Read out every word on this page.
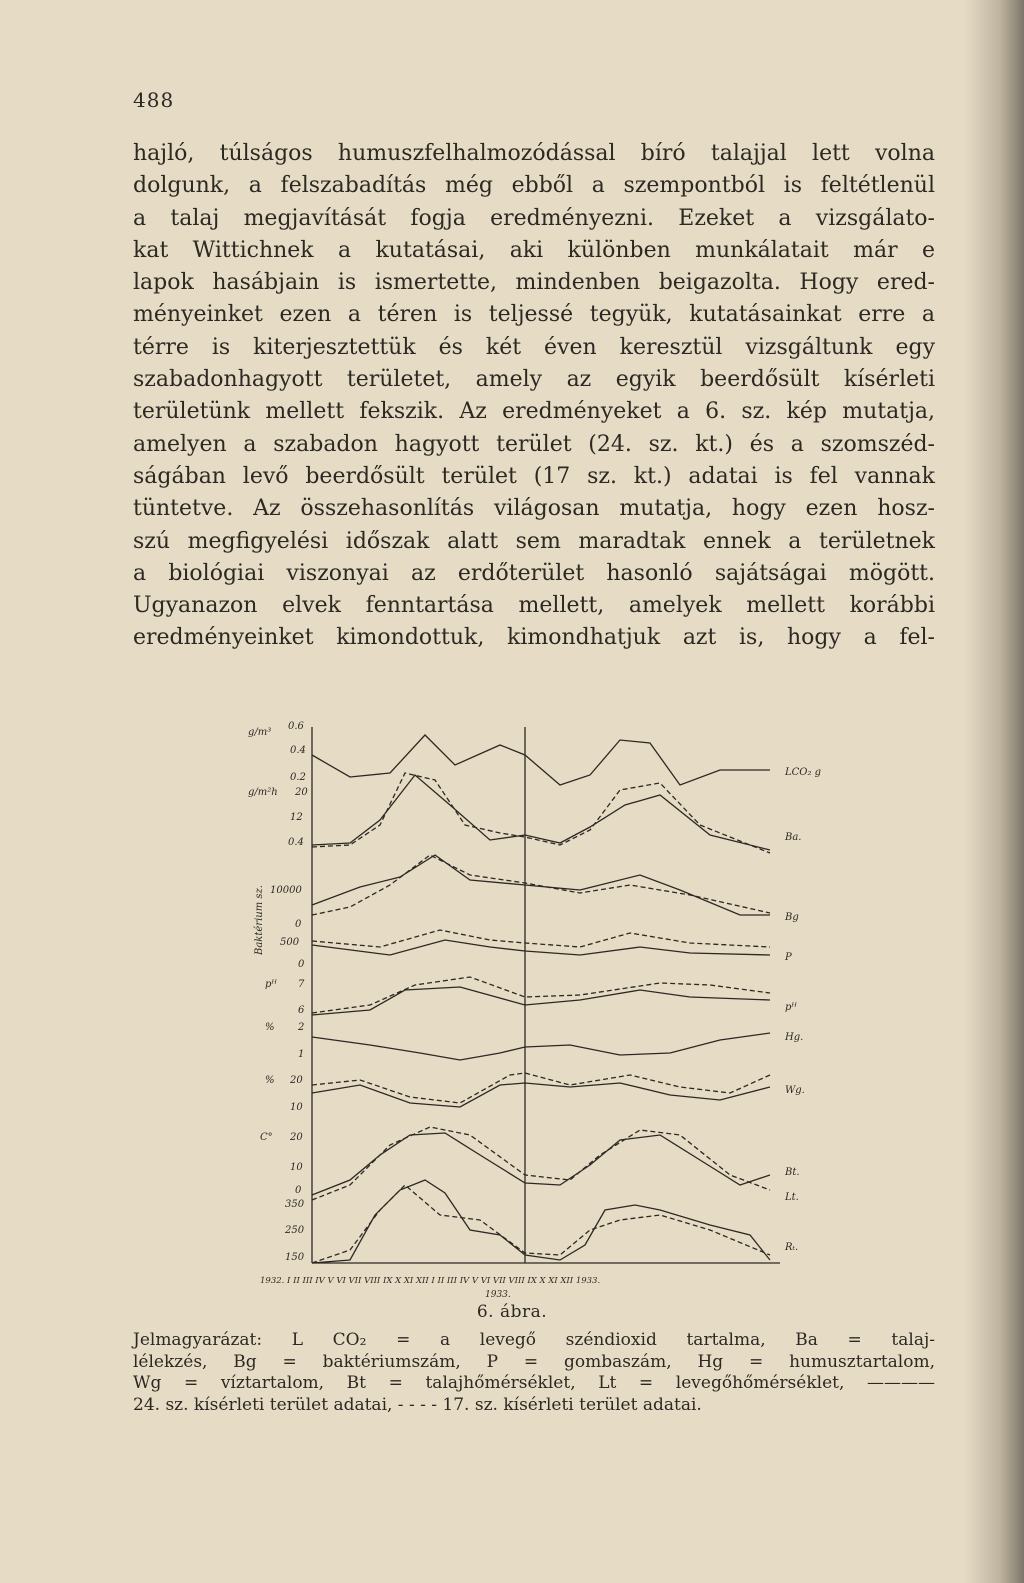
488
hajló, túlságos humuszfelhalmozódással bíró talajjal lett volna
dolgunk, a felszabadítás még ebből a szempontból is feltétlenül
a talaj megjavítását fogja eredményezni. Ezeket a vizsgálato-
kat Wittichnek a kutatásai, aki különben munkálatait már e
lapok hasábjain is ismertette, mindenben beigazolta. Hogy ered-
ményeinket ezen a téren is teljessé tegyük, kutatásainkat erre a
térre is kiterjesztettük és két éven keresztül vizsgáltunk egy
szabadonhagyott területet, amely az egyik beerdősült kísérleti
területünk mellett fekszik. Az eredményeket a 6. sz. kép mutatja,
amelyen a szabadon hagyott terület (24. sz. kt.) és a szomszéd-
ságában levő beerdősült terület (17 sz. kt.) adatai is fel vannak
tüntetve. Az összehasonlítás világosan mutatja, hogy ezen hosz-
szú megfigyelési időszak alatt sem maradtak ennek a területnek
a biológiai viszonyai az erdőterület hasonló sajátságai mögött.
Ugyanazon elvek fenntartása mellett, amelyek mellett korábbi
eredményeinket kimondottuk, kimondhatjuk azt is, hogy a fel-
LCO₂ g
Ba.
Bg
P
pᴴ
Hg.
Wg.
Bt.
Lt.
Rₜ.
g/m³
0.6
0.4
0.2
g/m²h 20
12
0.4
10000
0
500
0
pᴴ 7
6
% 2
1
% 20
10
C° 20
10
0
350
250
150
Baktérium sz.
1932. I II III IV V VI VII VIII IX X XI XII I II III IV V VI VII VIII IX X XI XII 1933.
1933.
6. ábra.
Jelmagyarázat: L CO₂ = a levegő széndioxid tartalma, Ba = talaj-
lélekzés, Bg = baktériumszám, P = gombaszám, Hg = humusztartalom,
Wg = víztartalom, Bt = talajhőmérséklet, Lt = levegőhőmérséklet, ————
24. sz. kísérleti terület adatai, - - - - 17. sz. kísérleti terület adatai.
